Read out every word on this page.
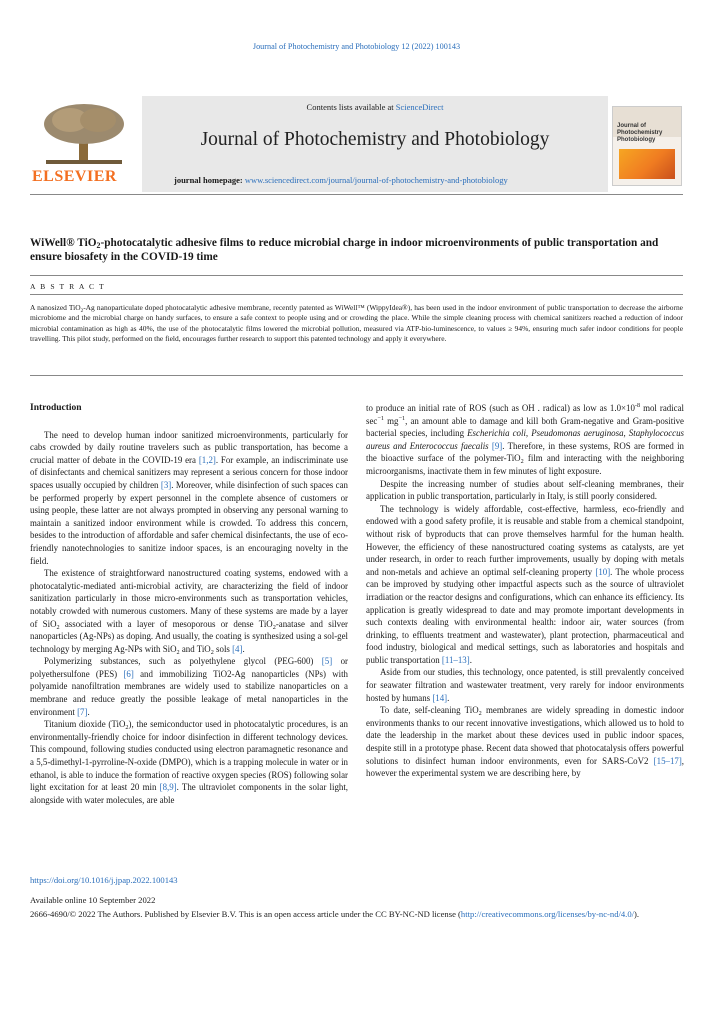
Journal of Photochemistry and Photobiology 12 (2022) 100143
ELSEVIER
Contents lists available at ScienceDirect
Journal of Photochemistry and Photobiology
journal homepage: www.sciencedirect.com/journal/journal-of-photochemistry-and-photobiology
Journal of
Photochemistry
Photobiology
WiWell® TiO$_2$-photocatalytic adhesive films to reduce microbial charge in indoor microenvironments of public transportation and ensure biosafety in the COVID-19 time
A B S T R A C T
A nanosized TiO$_2$-Ag nanoparticulate doped photocatalytic adhesive membrane, recently patented as WiWell™ (WippyIdea®), has been used in the indoor environment of public transportation to decrease the airborne microbiome and the microbial charge on handy surfaces, to ensure a safe context to people using and or crowding the place. While the simple cleaning process with chemical sanitizers reached a reduction of indoor microbial contamination as high as 40%, the use of the photocatalytic films lowered the microbial pollution, measured via ATP-bio-luminescence, to values ≥ 94%, ensuring much safer indoor conditions for people travelling. This pilot study, performed on the field, encourages further research to support this patented technology and apply it everywhere.
Introduction

The need to develop human indoor sanitized microenvironments, particularly for cabs crowded by daily routine travelers such as public transportation, has become a crucial matter of debate in the COVID-19 era [1,2]. For example, an indiscriminate use of disinfectants and chemical sanitizers may represent a serious concern for those indoor spaces usually occupied by children [3]. Moreover, while disinfection of such spaces can be performed properly by expert personnel in the complete absence of customers or using people, these latter are not always prompted in observing any personal warning to maintain a sanitized indoor environment while is crowded. To address this concern, besides to the introduction of affordable and safer chemical disinfectants, the use of eco-friendly nanotechnologies to sanitize indoor spaces, is an encouraging novelty in the field.

The existence of straightforward nanostructured coating systems, endowed with a photocatalytic-mediated anti-microbial activity, are characterizing the field of indoor sanitization particularly in those micro-environments such as transportation vehicles, notably crowded with numerous customers. Many of these systems are made by a layer of SiO$_2$ associated with a layer of mesoporous or dense TiO$_2$-anatase and silver nanoparticles (Ag-NPs) as doping. And usually, the coating is synthesized using a sol-gel technology by merging Ag-NPs with SiO$_2$ and TiO$_2$ sols [4].

Polymerizing substances, such as polyethylene glycol (PEG-600) [5] or polyethersulfone (PES) [6] and immobilizing TiO2-Ag nanoparticles (NPs) with polyamide nanofiltration membranes are widely used to stabilize nanoparticles on a membrane and reduce greatly the possible leakage of metal nanoparticles in the environment [7].

Titanium dioxide (TiO$_2$), the semiconductor used in photocatalytic procedures, is an environmentally-friendly choice for indoor disinfection in different technology devices. This compound, following studies conducted using electron paramagnetic resonance and a 5,5-dimethyl-1-pyrroline-N-oxide (DMPO), which is a trapping molecule in water or in ethanol, is able to induce the formation of reactive oxygen species (ROS) following solar light excitation for at least 20 min [8,9]. The ultraviolet components in the solar light, alongside with water molecules, are able

to produce an initial rate of ROS (such as OH . radical) as low as $1.0\times 10^{-8}$ mol radical $\sec^{-1} mg^{-1}$, an amount able to damage and kill both Gram-negative and Gram-positive bacterial species, including Escherichia coli, Pseudomonas aeruginosa, Staphylococcus aureus and Enterococcus faecalis [9]. Therefore, in these systems, ROS are formed in the bioactive surface of the polymer-TiO$_2$ film and interacting with the neighboring microorganisms, inactivate them in few minutes of light exposure.

Despite the increasing number of studies about self-cleaning membranes, their application in public transportation, particularly in Italy, is still poorly considered.

The technology is widely affordable, cost-effective, harmless, eco-friendly and endowed with a good safety profile, it is reusable and stable from a chemical standpoint, without risk of byproducts that can prove themselves harmful for the human health. However, the efficiency of these nanostructured coating systems as catalysts, are yet under research, in order to reach further improvements, usually by doping with metals and non-metals and achieve an optimal self-cleaning property [10]. The whole process can be improved by studying other impactful aspects such as the source of ultraviolet irradiation or the reactor designs and configurations, which can enhance its efficiency. Its application is greatly widespread to date and may promote important developments in such contexts dealing with environmental health: indoor air, water sources (from drinking, to effluents treatment and wastewater), plant protection, pharmaceutical and food industry, biological and medical settings, such as laboratories and hospitals and public transportation [11–13].

Aside from our studies, this technology, once patented, is still prevalently conceived for seawater filtration and wastewater treatment, very rarely for indoor environments hosted by humans [14].

To date, self-cleaning TiO$_2$ membranes are widely spreading in domestic indoor environments thanks to our recent innovative investigations, which allowed us to hold to date the leadership in the market about these devices used in public indoor spaces, despite still in a prototype phase. Recent data showed that photocatalysis offers powerful solutions to disinfect human indoor environments, even for SARS-CoV2 [15–17], however the experimental system we are describing here, by

https://doi.org/10.1016/j.jpap.2022.100143
Available online 10 September 2022
2666-4690/© 2022 The Authors. Published by Elsevier B.V. This is an open access article under the CC BY-NC-ND license (http://creativecommons.org/licenses/by-nc-nd/4.0/).
